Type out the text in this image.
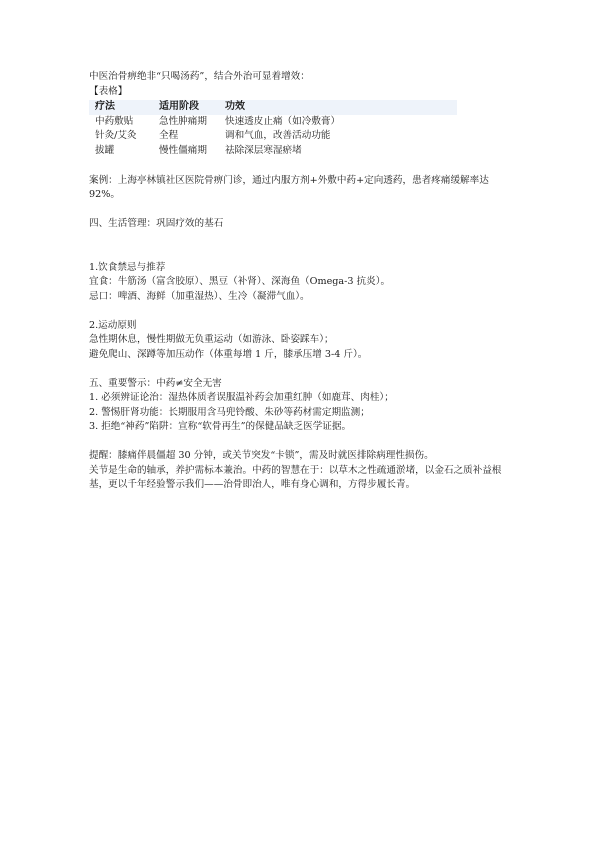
中医治骨痹绝非“只喝汤药”，结合外治可显着增效：

【表格】

疗法	适用阶段	功效
中药敷贴	急性肿痛期	快速透皮止痛（如冷敷膏）
针灸/艾灸	全程	调和气血，改善活动功能
拔罐	慢性僵痛期	祛除深层寒湿瘀堵

案例：上海亭林镇社区医院骨痹门诊，通过内服方剂+外敷中药+定向透药，患者疼痛缓解率达 92%。

四、生活管理：巩固疗效的基石

1.饮食禁忌与推荐

宜食：牛筋汤（富含胶原）、黑豆（补肾）、深海鱼（Omega-3 抗炎）。

忌口：啤酒、海鲜（加重湿热）、生冷（凝滞气血）。

2.运动原则

急性期休息，慢性期做无负重运动（如游泳、卧姿踩车）；

避免爬山、深蹲等加压动作（体重每增 1 斤，膝承压增 3-4 斤）。

五、重要警示：中药≠安全无害

1. 必须辨证论治：湿热体质者误服温补药会加重红肿（如鹿茸、肉桂）；

2. 警惕肝肾功能：长期服用含马兜铃酸、朱砂等药材需定期监测；

3. 拒绝“神药”陷阱：宣称“软骨再生”的保健品缺乏医学证据。

提醒：膝痛伴晨僵超 30 分钟，或关节突发“卡锁”，需及时就医排除病理性损伤。

关节是生命的轴承，养护需标本兼治。中药的智慧在于：以草木之性疏通淤堵，以金石之质补益根基，更以千年经验警示我们——治骨即治人，唯有身心调和，方得步履长青。
